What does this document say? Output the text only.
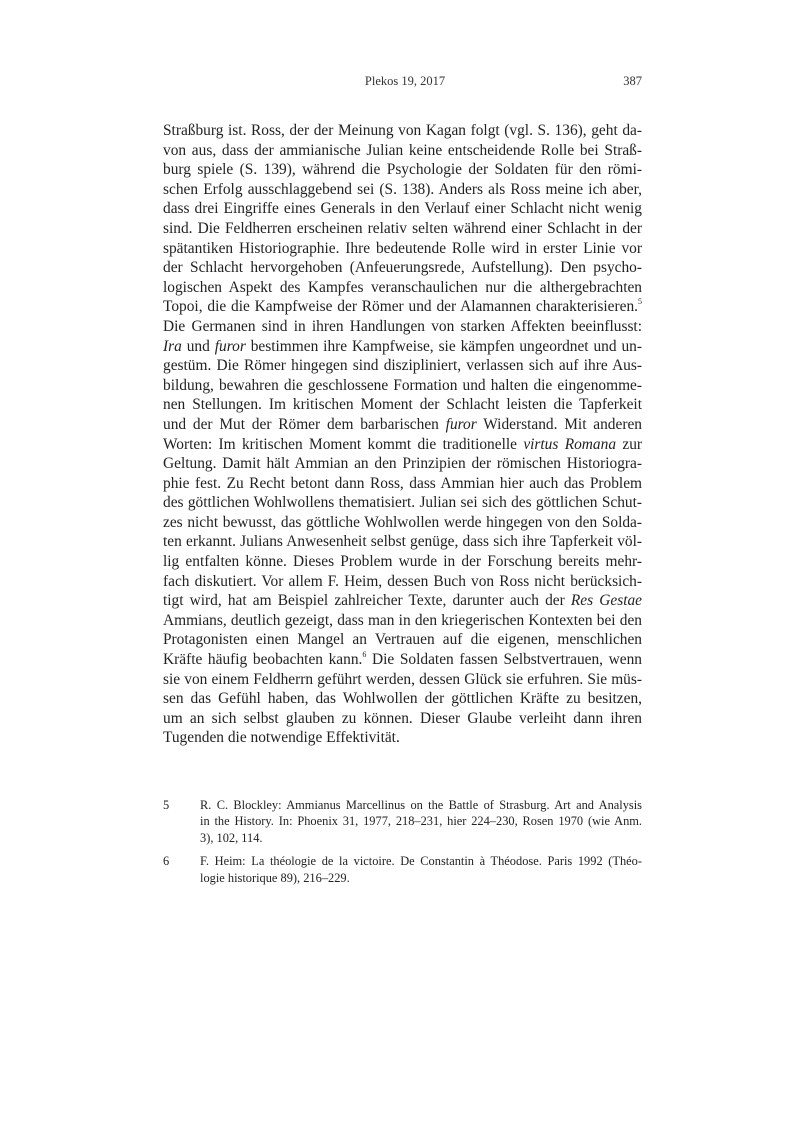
Plekos 19, 2017	387
Straßburg ist. Ross, der der Meinung von Kagan folgt (vgl. S. 136), geht da-
von aus, dass der ammianische Julian keine entscheidende Rolle bei Straß-
burg spiele (S. 139), während die Psychologie der Soldaten für den römi-
schen Erfolg ausschlaggebend sei (S. 138). Anders als Ross meine ich aber,
dass drei Eingriffe eines Generals in den Verlauf einer Schlacht nicht wenig
sind. Die Feldherren erscheinen relativ selten während einer Schlacht in der
spätantiken Historiographie. Ihre bedeutende Rolle wird in erster Linie vor
der Schlacht hervorgehoben (Anfeuerungsrede, Aufstellung). Den psycho-
logischen Aspekt des Kampfes veranschaulichen nur die althergebrachten
Topoi, die die Kampfweise der Römer und der Alamannen charakterisieren.$^5$
Die Germanen sind in ihren Handlungen von starken Affekten beeinflusst:
Ira und furor bestimmen ihre Kampfweise, sie kämpfen ungeordnet und un-
gestüm. Die Römer hingegen sind diszipliniert, verlassen sich auf ihre Aus-
bildung, bewahren die geschlossene Formation und halten die eingenomme-
nen Stellungen. Im kritischen Moment der Schlacht leisten die Tapferkeit
und der Mut der Römer dem barbarischen furor Widerstand. Mit anderen
Worten: Im kritischen Moment kommt die traditionelle virtus Romana zur
Geltung. Damit hält Ammian an den Prinzipien der römischen Historiogra-
phie fest. Zu Recht betont dann Ross, dass Ammian hier auch das Problem
des göttlichen Wohlwollens thematisiert. Julian sei sich des göttlichen Schut-
zes nicht bewusst, das göttliche Wohlwollen werde hingegen von den Solda-
ten erkannt. Julians Anwesenheit selbst genüge, dass sich ihre Tapferkeit völ-
lig entfalten könne. Dieses Problem wurde in der Forschung bereits mehr-
fach diskutiert. Vor allem F. Heim, dessen Buch von Ross nicht berücksich-
tigt wird, hat am Beispiel zahlreicher Texte, darunter auch der Res Gestae
Ammians, deutlich gezeigt, dass man in den kriegerischen Kontexten bei den
Protagonisten einen Mangel an Vertrauen auf die eigenen, menschlichen
Kräfte häufig beobachten kann.$^6$ Die Soldaten fassen Selbstvertrauen, wenn
sie von einem Feldherrn geführt werden, dessen Glück sie erfuhren. Sie müs-
sen das Gefühl haben, das Wohlwollen der göttlichen Kräfte zu besitzen,
um an sich selbst glauben zu können. Dieser Glaube verleiht dann ihren
Tugenden die notwendige Effektivität.
5 R. C. Blockley: Ammianus Marcellinus on the Battle of Strasburg. Art and Analysis
in the History. In: Phoenix 31, 1977, 218–231, hier 224–230, Rosen 1970 (wie Anm.
3), 102, 114.
6 F. Heim: La théologie de la victoire. De Constantin à Théodose. Paris 1992 (Théo-
logie historique 89), 216–229.
